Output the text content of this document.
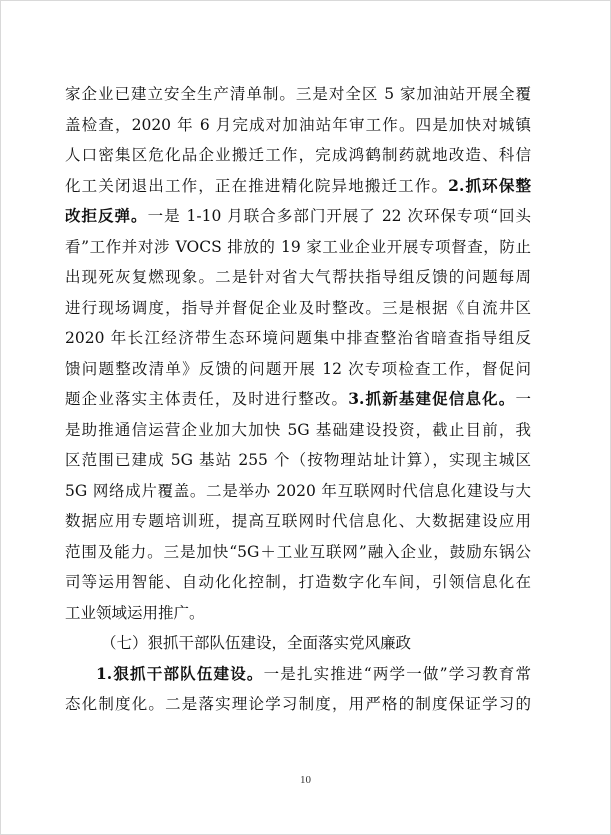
家企业已建立安全生产清单制。三是对全区 5 家加油站开展全覆
盖检查，2020 年 6 月完成对加油站年审工作。四是加快对城镇
人口密集区危化品企业搬迁工作，完成鸿鹤制药就地改造、科信
化工关闭退出工作，正在推进精化院异地搬迁工作。2.抓环保整
改拒反弹。一是 1-10 月联合多部门开展了 22 次环保专项“回头
看”工作并对涉 VOCS 排放的 19 家工业企业开展专项督查，防止
出现死灰复燃现象。二是针对省大气帮扶指导组反馈的问题每周
进行现场调度，指导并督促企业及时整改。三是根据《自流井区
2020 年长江经济带生态环境问题集中排查整治省暗查指导组反
馈问题整改清单》反馈的问题开展 12 次专项检查工作，督促问
题企业落实主体责任，及时进行整改。3.抓新基建促信息化。一
是助推通信运营企业加大加快 5G 基础建设投资，截止目前，我
区范围已建成 5G 基站 255 个（按物理站址计算），实现主城区
5G 网络成片覆盖。二是举办 2020 年互联网时代信息化建设与大
数据应用专题培训班，提高互联网时代信息化、大数据建设应用
范围及能力。三是加快“5G＋工业互联网”融入企业，鼓励东锅公
司等运用智能、自动化化控制，打造数字化车间，引领信息化在
工业领域运用推广。
（七）狠抓干部队伍建设，全面落实党风廉政
1.狠抓干部队伍建设。一是扎实推进“两学一做”学习教育常
态化制度化。二是落实理论学习制度，用严格的制度保证学习的
10
